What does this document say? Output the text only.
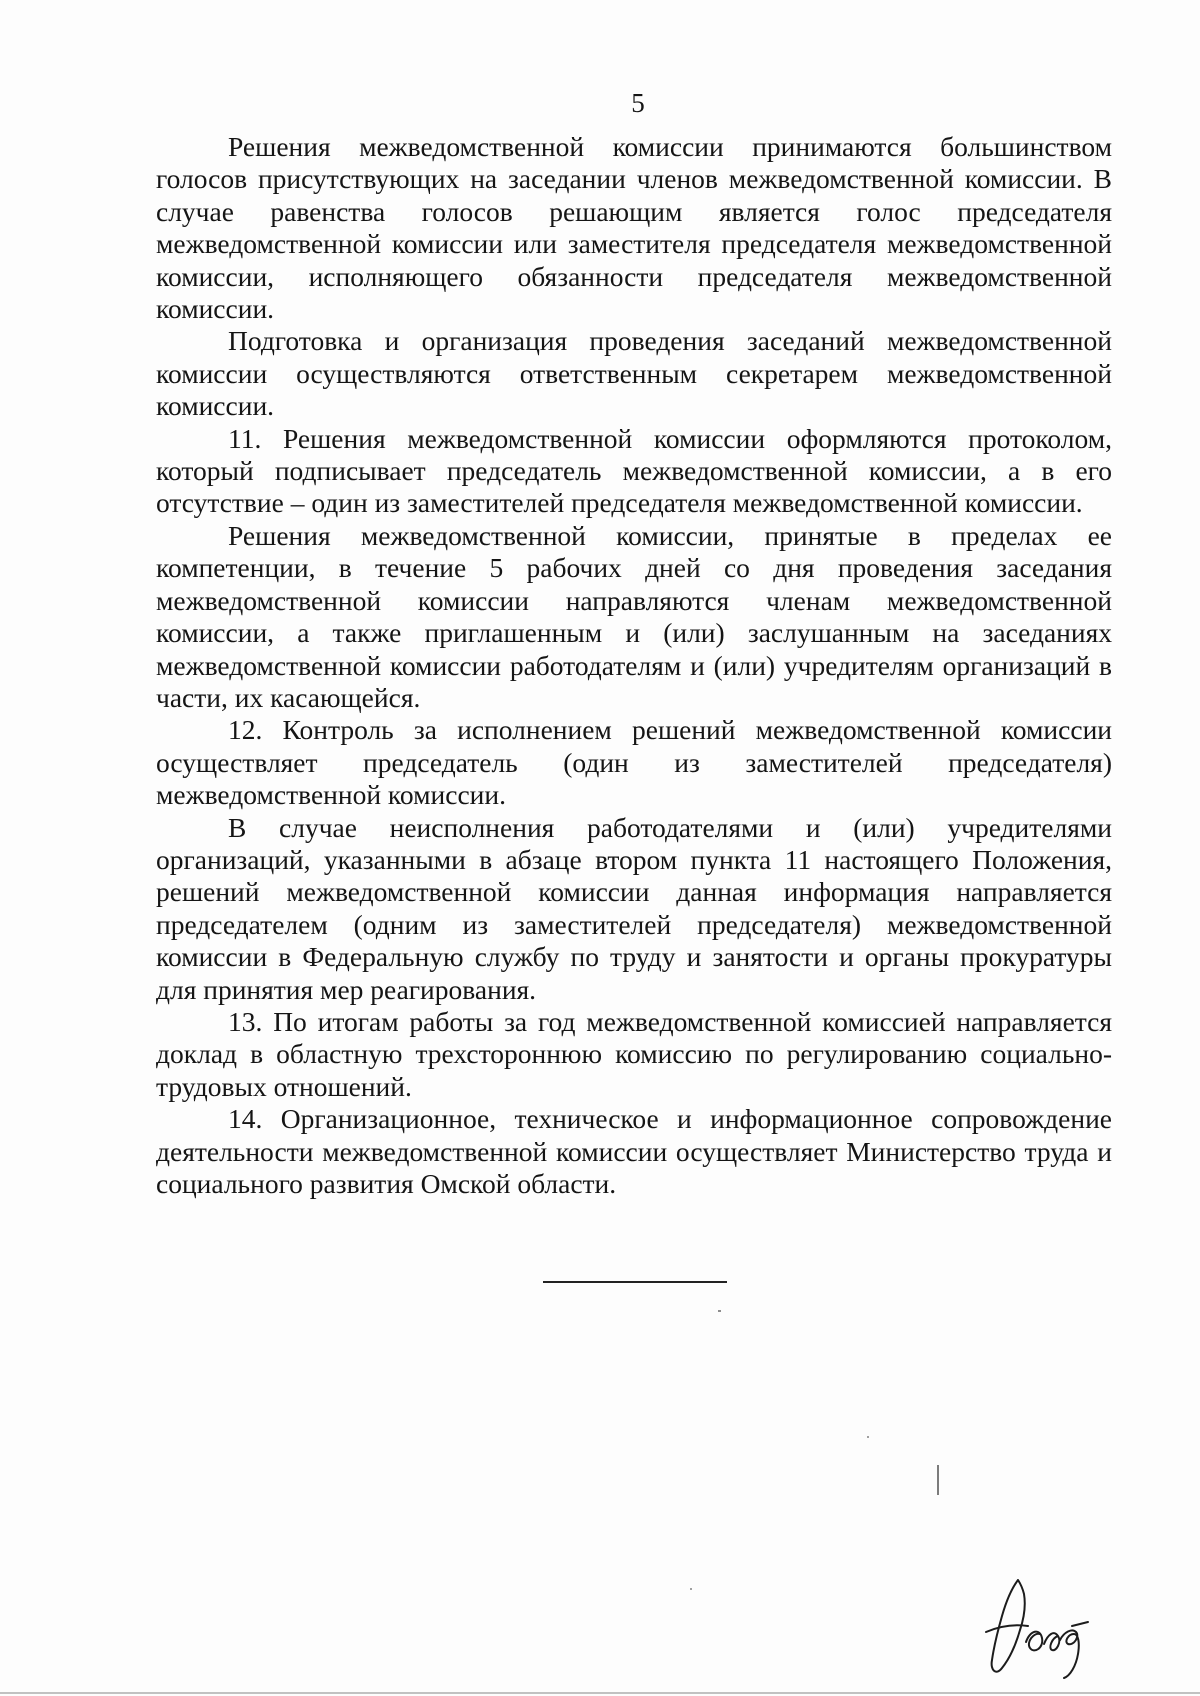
5

Решения межведомственной комиссии принимаются большинством голосов присутствующих на заседании членов межведомственной комиссии. В случае равенства голосов решающим является голос председателя межведомственной комиссии или заместителя председателя межведомственной комиссии, исполняющего обязанности председателя межведомственной комиссии.

Подготовка и организация проведения заседаний межведомственной комиссии осуществляются ответственным секретарем межведомственной комиссии.

11. Решения межведомственной комиссии оформляются протоколом, который подписывает председатель межведомственной комиссии, а в его отсутствие – один из заместителей председателя межведомственной комиссии.

Решения межведомственной комиссии, принятые в пределах ее компетенции, в течение 5 рабочих дней со дня проведения заседания межведомственной комиссии направляются членам межведомственной комиссии, а также приглашенным и (или) заслушанным на заседаниях межведомственной комиссии работодателям и (или) учредителям организаций в части, их касающейся.

12. Контроль за исполнением решений межведомственной комиссии осуществляет председатель (один из заместителей председателя) межведомственной комиссии.

В случае неисполнения работодателями и (или) учредителями организаций, указанными в абзаце втором пункта 11 настоящего Положения, решений межведомственной комиссии данная информация направляется председателем (одним из заместителей председателя) межведомственной комиссии в Федеральную службу по труду и занятости и органы прокуратуры для принятия мер реагирования.

13. По итогам работы за год межведомственной комиссией направляется доклад в областную трехстороннюю комиссию по регулированию социально-трудовых отношений.

14. Организационное, техническое и информационное сопровождение деятельности межведомственной комиссии осуществляет Министерство труда и социального развития Омской области.
